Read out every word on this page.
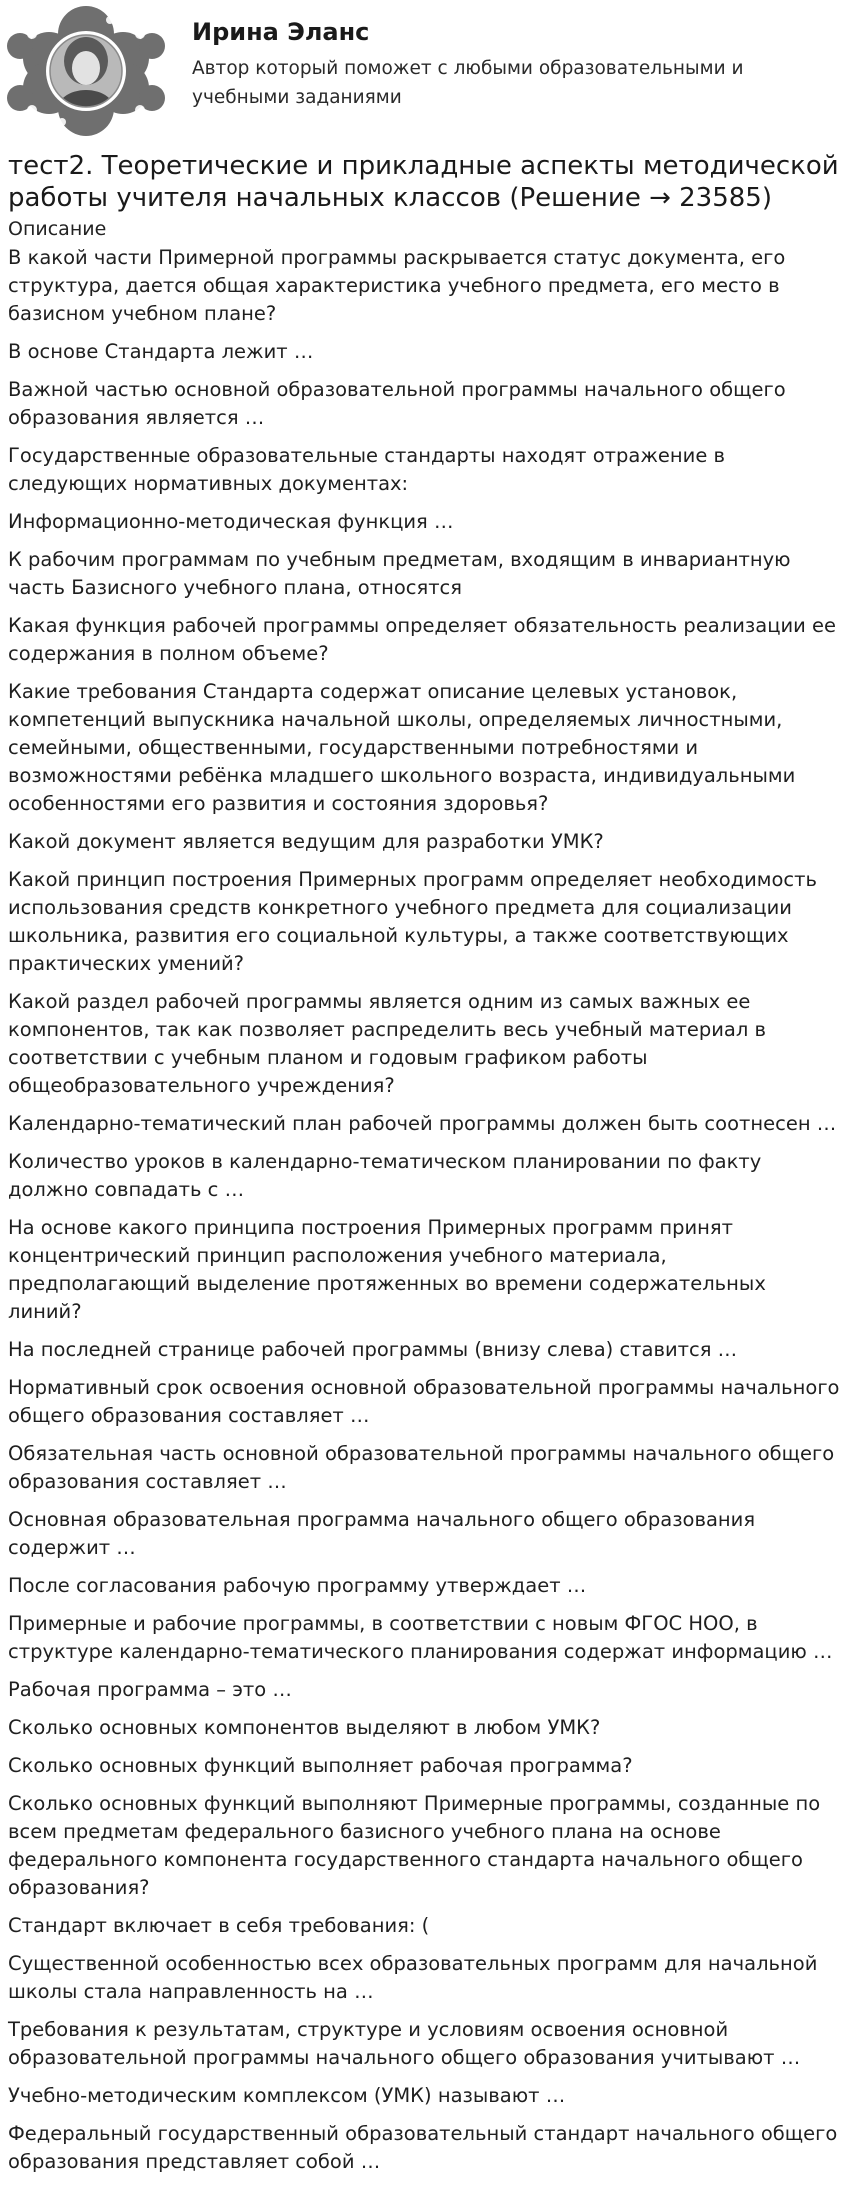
Ирина Эланс
Автор который поможет с любыми образовательными и учебными заданиями
тест2. Теоретические и прикладные аспекты методической работы учителя начальных классов (Решение → 23585)
Описание
В какой части Примерной программы раскрывается статус документа, его структура, дается общая характеристика учебного предмета, его место в базисном учебном плане?
В основе Стандарта лежит …
Важной частью основной образовательной программы начального общего образования является …
Государственные образовательные стандарты находят отражение в следующих нормативных документах:
Информационно-методическая функция …
К рабочим программам по учебным предметам, входящим в инвариантную часть Базисного учебного плана, относятся
Какая функция рабочей программы определяет обязательность реализации ее содержания в полном объеме?
Какие требования Стандарта содержат описание целевых установок, компетенций выпускника начальной школы, определяемых личностными, семейными, общественными, государственными потребностями и возможностями ребёнка младшего школьного возраста, индивидуальными особенностями его развития и состояния здоровья?
Какой документ является ведущим для разработки УМК?
Какой принцип построения Примерных программ определяет необходимость использования средств конкретного учебного предмета для социализации школьника, развития его социальной культуры, а также соответствующих практических умений?
Какой раздел рабочей программы является одним из самых важных ее компонентов, так как позволяет распределить весь учебный материал в соответствии с учебным планом и годовым графиком работы общеобразовательного учреждения?
Календарно-тематический план рабочей программы должен быть соотнесен …
Количество уроков в календарно-тематическом планировании по факту должно совпадать с …
На основе какого принципа построения Примерных программ принят концентрический принцип расположения учебного материала, предполагающий выделение протяженных во времени содержательных линий?
На последней странице рабочей программы (внизу слева) ставится …
Нормативный срок освоения основной образовательной программы начального общего образования составляет …
Обязательная часть основной образовательной программы начального общего образования составляет …
Основная образовательная программа начального общего образования содержит …
После согласования рабочую программу утверждает …
Примерные и рабочие программы, в соответствии с новым ФГОС НОО, в структуре календарно-тематического планирования содержат информацию …
Рабочая программа – это …
Сколько основных компонентов выделяют в любом УМК?
Сколько основных функций выполняет рабочая программа?
Сколько основных функций выполняют Примерные программы, созданные по всем предметам федерального базисного учебного плана на основе федерального компонента государственного стандарта начального общего образования?
Стандарт включает в себя требования: (
Существенной особенностью всех образовательных программ для начальной школы стала направленность на …
Требования к результатам, структуре и условиям освоения основной образовательной программы начального общего образования учитывают …
Учебно-методическим комплексом (УМК) называют …
Федеральный государственный образовательный стандарт начального общего образования представляет собой …
